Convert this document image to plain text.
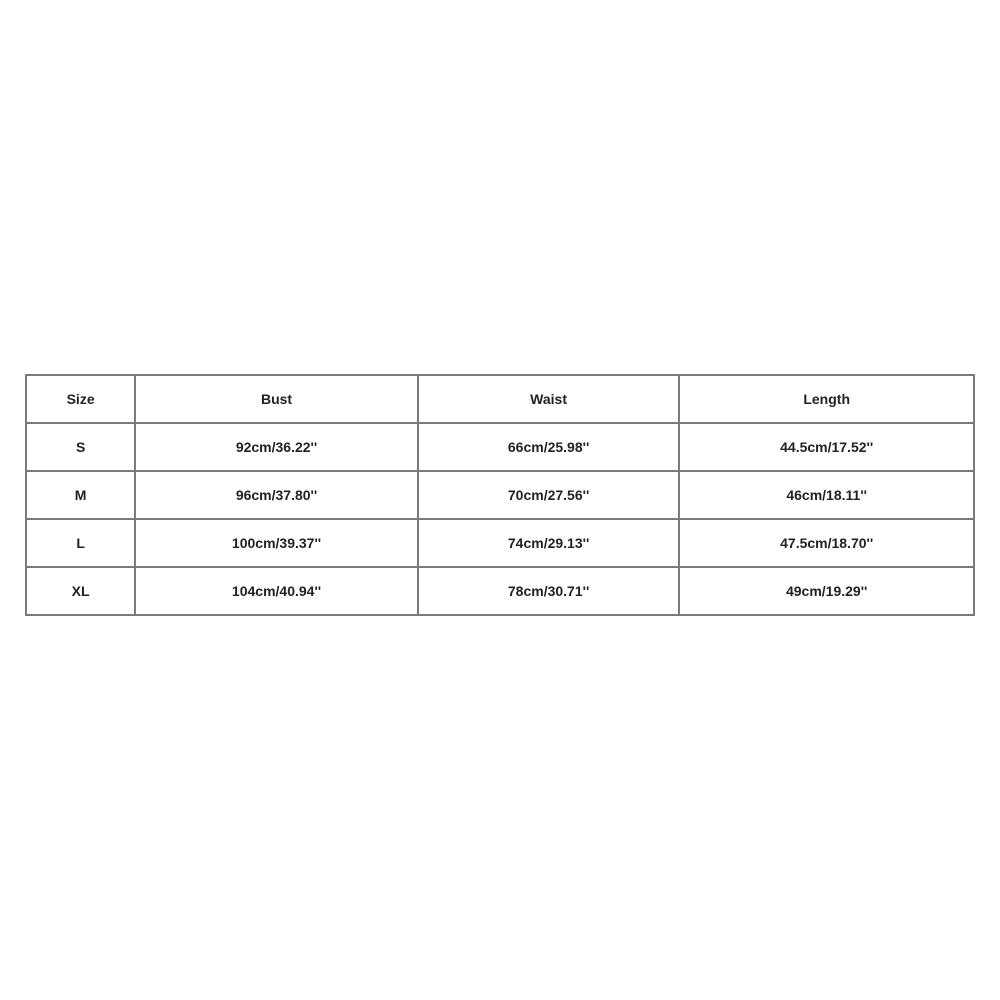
Size	Bust	Waist	Length
S	92cm/36.22''	66cm/25.98''	44.5cm/17.52''
M	96cm/37.80''	70cm/27.56''	46cm/18.11''
L	100cm/39.37''	74cm/29.13''	47.5cm/18.70''
XL	104cm/40.94''	78cm/30.71''	49cm/19.29''
